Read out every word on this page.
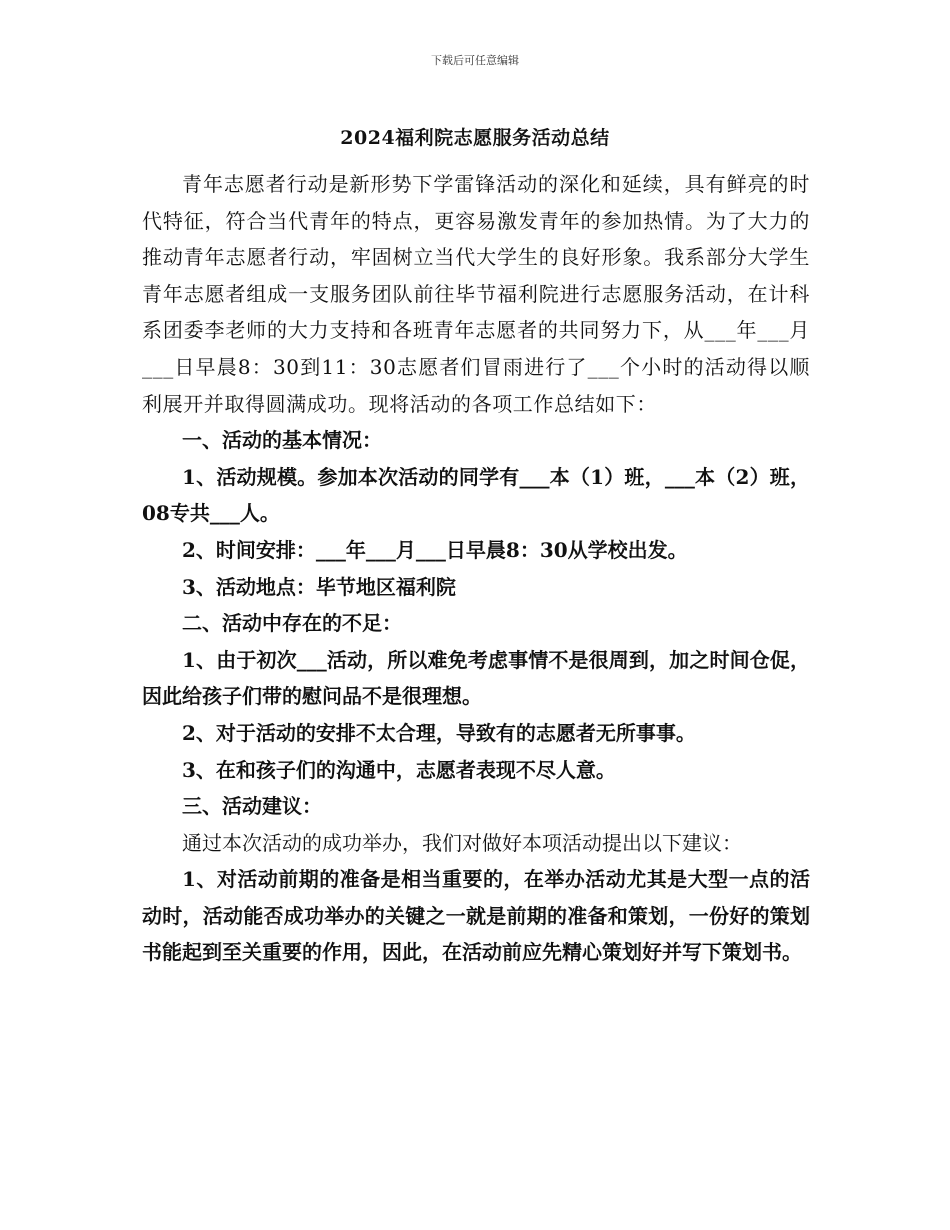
下载后可任意编辑
2024福利院志愿服务活动总结

青年志愿者行动是新形势下学雷锋活动的深化和延续，具有鲜亮的时代特征，符合当代青年的特点，更容易激发青年的参加热情。为了大力的推动青年志愿者行动，牢固树立当代大学生的良好形象。我系部分大学生青年志愿者组成一支服务团队前往毕节福利院进行志愿服务活动，在计科系团委李老师的大力支持和各班青年志愿者的共同努力下，从___年___月___日早晨8：30到11：30志愿者们冒雨进行了___个小时的活动得以顺利展开并取得圆满成功。现将活动的各项工作总结如下：

一、活动的基本情况：

1、活动规模。参加本次活动的同学有___本（1）班，___本（2）班，08专共___人。

2、时间安排：___年___月___日早晨8：30从学校出发。

3、活动地点：毕节地区福利院

二、活动中存在的不足：

1、由于初次___活动，所以难免考虑事情不是很周到，加之时间仓促，因此给孩子们带的慰问品不是很理想。

2、对于活动的安排不太合理，导致有的志愿者无所事事。

3、在和孩子们的沟通中，志愿者表现不尽人意。

三、活动建议：

通过本次活动的成功举办，我们对做好本项活动提出以下建议：

1、对活动前期的准备是相当重要的，在举办活动尤其是大型一点的活动时，活动能否成功举办的关键之一就是前期的准备和策划，一份好的策划书能起到至关重要的作用，因此，在活动前应先精心策划好并写下策划书。
